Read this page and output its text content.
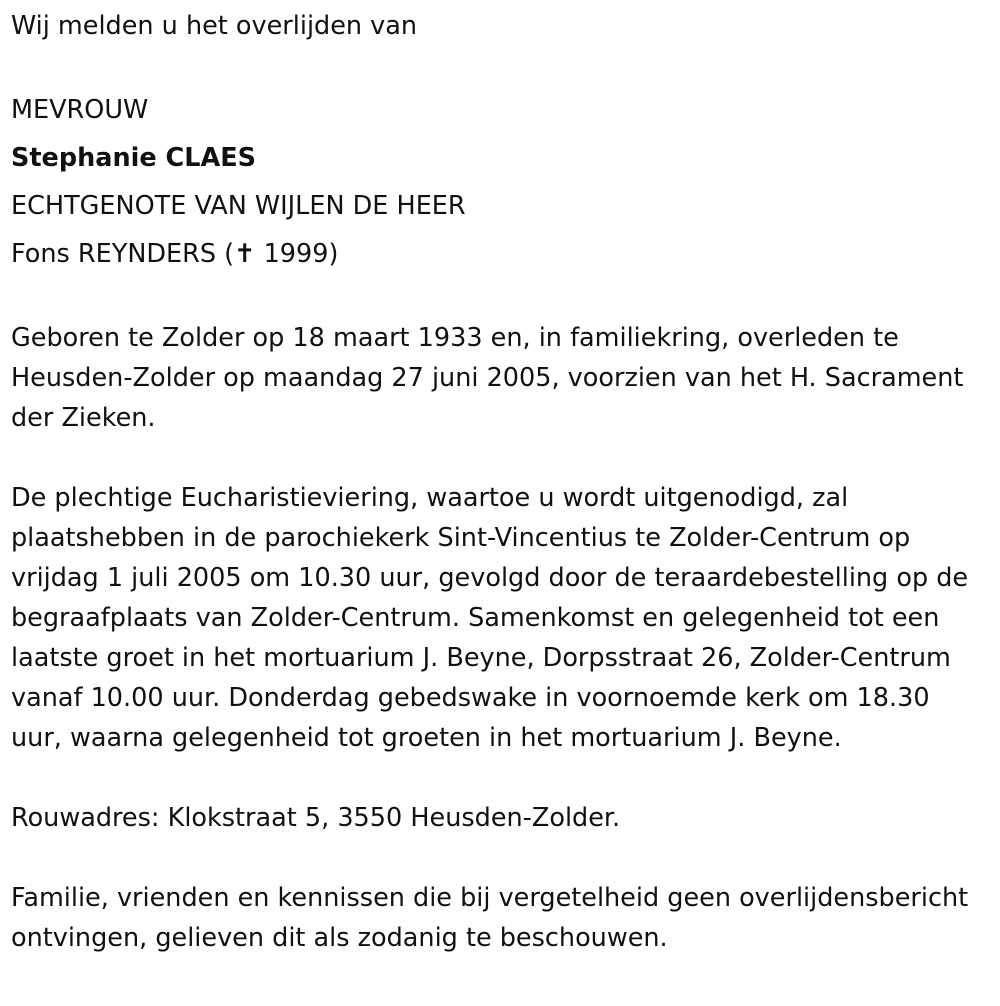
Wij melden u het overlijden van

MEVROUW
Stephanie CLAES
ECHTGENOTE VAN WIJLEN DE HEER
Fons REYNDERS (✝ 1999)

Geboren te Zolder op 18 maart 1933 en, in familiekring, overleden te Heusden-Zolder op maandag 27 juni 2005, voorzien van het H. Sacrament der Zieken.

De plechtige Eucharistieviering, waartoe u wordt uitgenodigd, zal plaatshebben in de parochiekerk Sint-Vincentius te Zolder-Centrum op vrijdag 1 juli 2005 om 10.30 uur, gevolgd door de teraardebestelling op de begraafplaats van Zolder-Centrum. Samenkomst en gelegenheid tot een laatste groet in het mortuarium J. Beyne, Dorpsstraat 26, Zolder-Centrum vanaf 10.00 uur. Donderdag gebedswake in voornoemde kerk om 18.30 uur, waarna gelegenheid tot groeten in het mortuarium J. Beyne.

Rouwadres: Klokstraat 5, 3550 Heusden-Zolder.

Familie, vrienden en kennissen die bij vergetelheid geen overlijdensbericht ontvingen, gelieven dit als zodanig te beschouwen.
